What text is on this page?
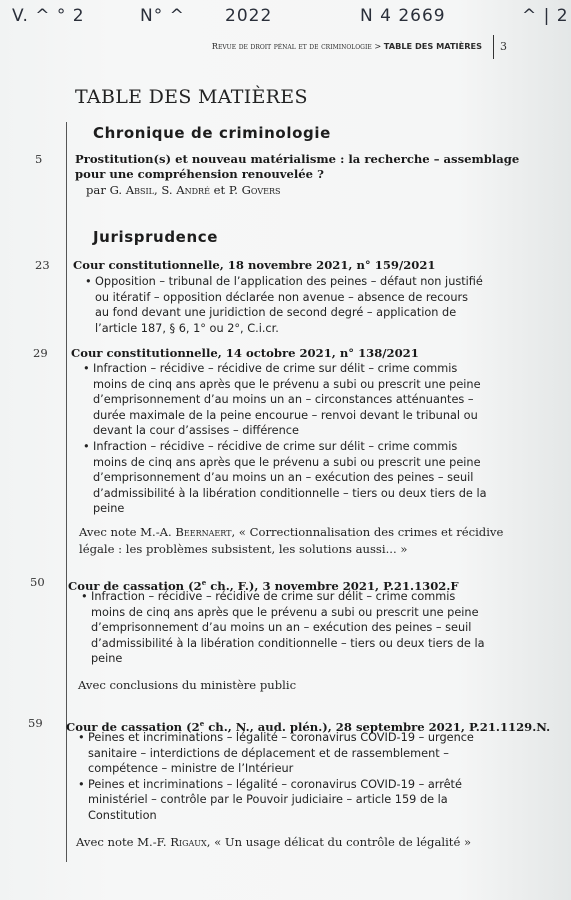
V. ^ ° 2	N° ^ 2022	N 4 2669	^ | 2
Revue de droit pénal et de criminologie > TABLE DES MATIÈRES 3
TABLE DES MATIÈRES
Chronique de criminologie
5	Prostitution(s) et nouveau matérialisme : la recherche – assemblage
pour une compréhension renouvelée ?
par G. Absil, S. André et P. Govers
Jurisprudence
23 Cour constitutionnelle, 18 novembre 2021, n° 159/2021
• Opposition – tribunal de l’application des peines – défaut non justifié
ou itératif – opposition déclarée non avenue – absence de recours
au fond devant une juridiction de second degré – application de
l’article 187, § 6, 1° ou 2°, C.i.cr.
29 Cour constitutionnelle, 14 octobre 2021, n° 138/2021
• Infraction – récidive – récidive de crime sur délit – crime commis
moins de cinq ans après que le prévenu a subi ou prescrit une peine
d’emprisonnement d’au moins un an – circonstances atténuantes –
durée maximale de la peine encourue – renvoi devant le tribunal ou
devant la cour d’assises – différence
• Infraction – récidive – récidive de crime sur délit – crime commis
moins de cinq ans après que le prévenu a subi ou prescrit une peine
d’emprisonnement d’au moins un an – exécution des peines – seuil
d’admissibilité à la libération conditionnelle – tiers ou deux tiers de la
peine
Avec note M.-A. Beernaert, « Correctionnalisation des crimes et récidive
légale : les problèmes subsistent, les solutions aussi... »
50 Cour de cassation (2e ch., F.), 3 novembre 2021, P.21.1302.F
• Infraction – récidive – récidive de crime sur délit – crime commis
moins de cinq ans après que le prévenu a subi ou prescrit une peine
d’emprisonnement d’au moins un an – exécution des peines – seuil
d’admissibilité à la libération conditionnelle – tiers ou deux tiers de la
peine
Avec conclusions du ministère public
59 Cour de cassation (2e ch., N., aud. plén.), 28 septembre 2021, P.21.1129.N.
• Peines et incriminations – légalité – coronavirus COVID-19 – urgence
sanitaire – interdictions de déplacement et de rassemblement –
compétence – ministre de l’Intérieur
• Peines et incriminations – légalité – coronavirus COVID-19 – arrêté
ministériel – contrôle par le Pouvoir judiciaire – article 159 de la
Constitution
Avec note M.-F. Rigaux, « Un usage délicat du contrôle de légalité »
